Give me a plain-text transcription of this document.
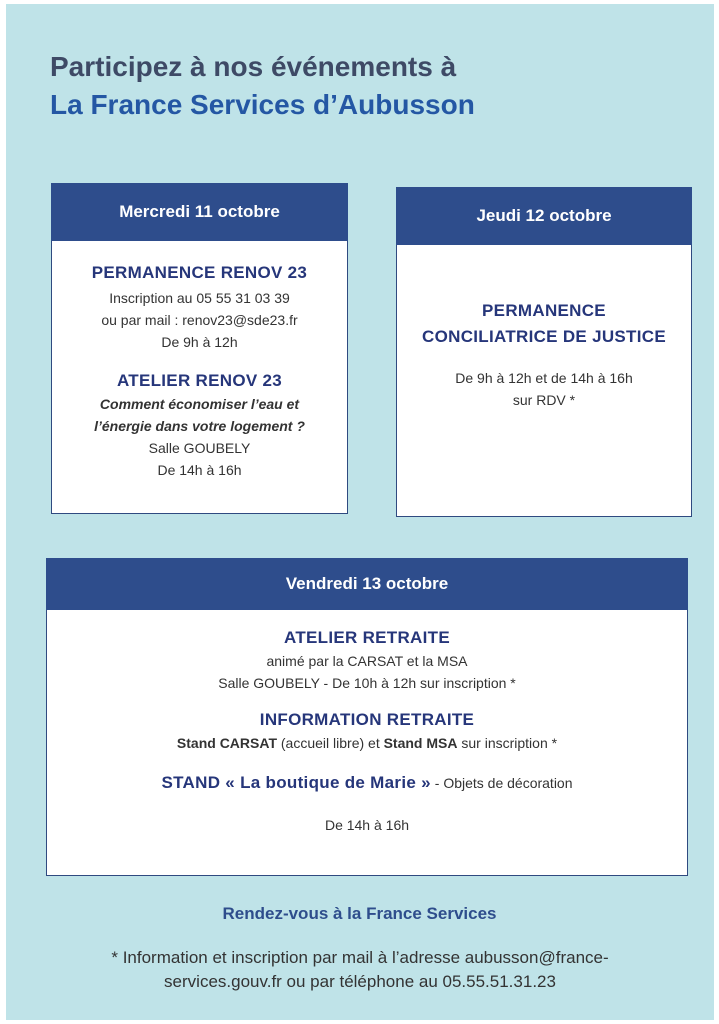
Participez à nos événements à
La France Services d’Aubusson
Mercredi 11 octobre
PERMANENCE RENOV 23
Inscription au 05 55 31 03 39
ou par mail : renov23@sde23.fr
De 9h à 12h
ATELIER RENOV 23
Comment économiser l’eau et
l’énergie dans votre logement ?
Salle GOUBELY
De 14h à 16h
Jeudi 12 octobre
PERMANENCE
CONCILIATRICE DE JUSTICE
De 9h à 12h et de 14h à 16h
sur RDV *
Vendredi 13 octobre
ATELIER RETRAITE
animé par la CARSAT et la MSA
Salle GOUBELY - De 10h à 12h sur inscription *
INFORMATION RETRAITE
Stand CARSAT (accueil libre) et Stand MSA sur inscription *
STAND « La boutique de Marie » - Objets de décoration
De 14h à 16h
Rendez-vous à la France Services
* Information et inscription par mail à l’adresse aubusson@france-
services.gouv.fr ou par téléphone au 05.55.51.31.23
